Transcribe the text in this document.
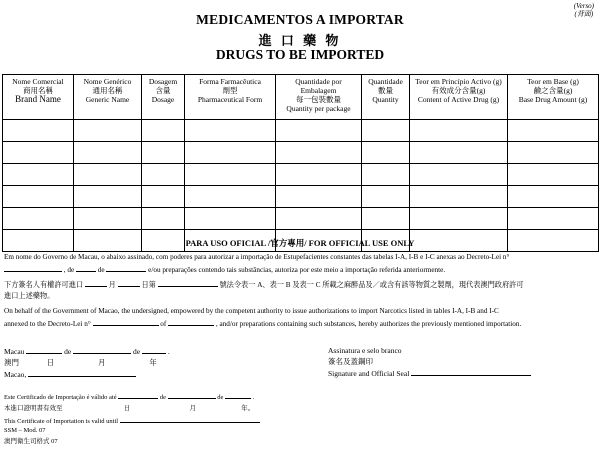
(Verso)
(背面)
MEDICAMENTOS A IMPORTAR
進 口 藥 物
DRUGS TO BE IMPORTED
Nome Comercial
商用名稱
Brand Name	Nome Genérico
通用名稱
Generic Name	Dosagem
含量
Dosage	Forma Farmacêutica
劑型
Pharmaceutical Form	Quantidade por
Embalagem
每一包裝數量
Quantity per package	Quantidade
數量
Quantity	Teor em Princípio Activo (g)
有效成分含量(g)
Content of Active Drug (g)	Teor em Base (g)
鹼之含量(g)
Base Drug Amount (g)

PARA USO OFICIAL /官方專用/ FOR OFFICIAL USE ONLY
Em nome do Governo de Macau, o abaixo assinado, com poderes para autorizar a importação de Estupefacientes constantes das tabelas I-A, I-B e I-C anexas ao Decreto-Lei n°
, de	de	e/ou preparações contendo tais substâncias, autoriza por este meio a importação referida anteriormente.
下方簽名人有權許可進口	月	日第	號法令表一 A、表一 B 及表一 C 所載之麻醉品及／或含有該等物質之製劑，現代表澳門政府許可
進口上述藥物。
On behalf of the Government of Macao, the undersigned, empowered by the competent authority to issue authorizations to import Narcotics listed in tables I-A, I-B and I-C
annexed to the Decreto-Lei n°	of	, and/or preparations containing such substances, hereby authorizes the previously mentioned importation.
Macau	de	de	.
澳門	日	月	年
Macao,
Assinatura e selo branco
簽名及蓋鋼印
Signature and Official Seal
Este Certificado de Importação é válido até	de	de	.
本進口證明書有效至	日	月	年。
This Certificate of Importation is valid until
SSM – Mod. 07
澳門衛生司格式 07
